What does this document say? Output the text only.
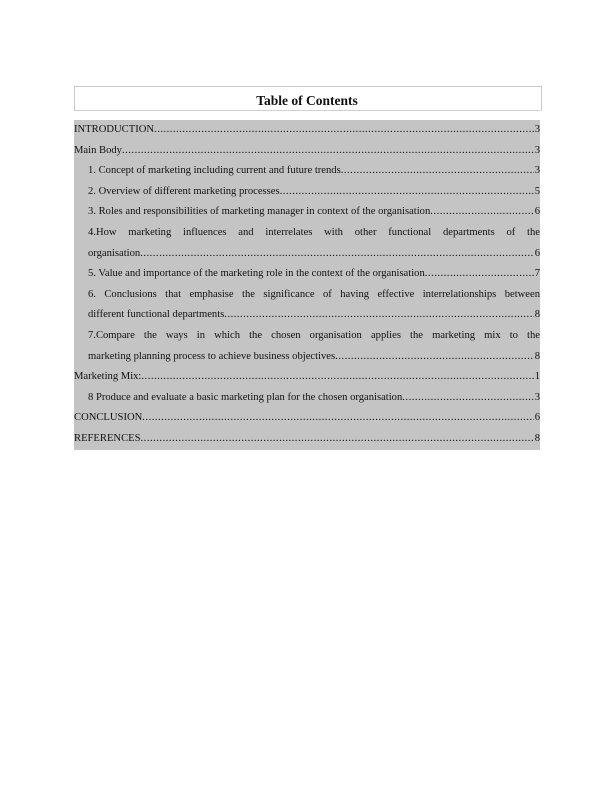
Table of Contents
INTRODUCTION .....	3
Main Body .....	3
1. Concept of marketing including current and future trends .....	3
2. Overview of different marketing processes .....	5
3. Roles and responsibilities of marketing manager in context of the organisation .....	6
4.How marketing influences and interrelates with other functional departments of the
organisation .....	6
5. Value and importance of the marketing role in the context of the organisation .....	7
6. Conclusions that emphasise the significance of having effective interrelationships between
different functional departments .....	8
7.Compare the ways in which the chosen organisation applies the marketing mix to the
marketing planning process to achieve business objectives .....	8
Marketing Mix: .....	1
8 Produce and evaluate a basic marketing plan for the chosen organisation .....	3
CONCLUSION .....	6
REFERENCES .....	8
